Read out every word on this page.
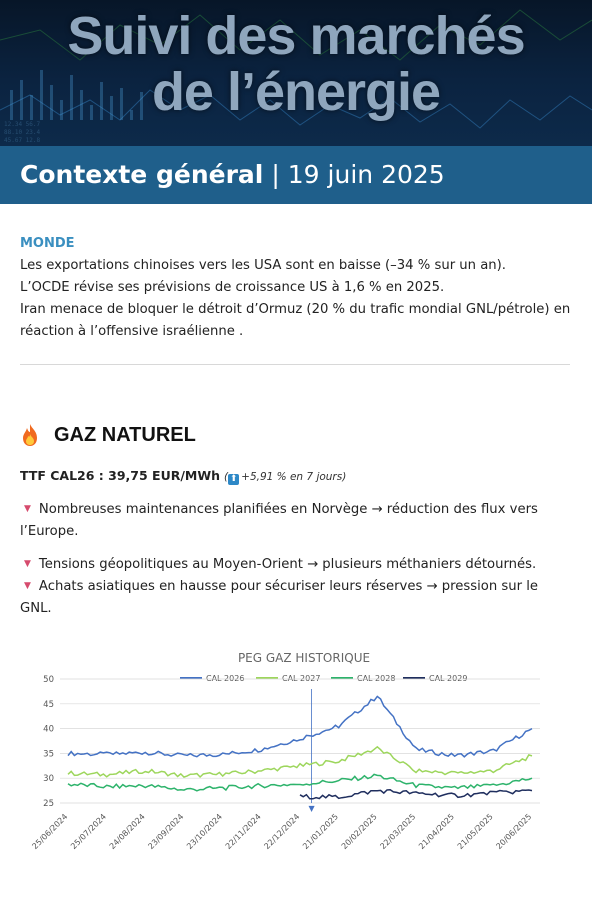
12.34 56.7
88.10 23.4
45.67 12.8
Suivi des marchés
de l’énergie
Contexte général | 19 juin 2025
MONDE
Les exportations chinoises vers les USA sont en baisse (–34 % sur un an).
L’OCDE révise ses prévisions de croissance US à 1,6 % en 2025.
Iran menace de bloquer le détroit d’Ormuz (20 % du trafic mondial GNL/pétrole) en
réaction à l’offensive israélienne .
GAZ NATUREL
TTF CAL26 : 39,75 EUR/MWh ( ⬆ +5,91 % en 7 jours)
▼ Nombreuses maintenances planifiées en Norvège → réduction des flux vers
l’Europe.
▼ Tensions géopolitiques au Moyen-Orient → plusieurs méthaniers détournés.
▼ Achats asiatiques en hausse pour sécuriser leurs réserves → pression sur le
GNL.
PEG GAZ HISTORIQUE
CAL 2026	CAL 2027	CAL 2028	CAL 2029
25
30
35
40
45
50
▼
25/06/2024 25/07/2024 24/08/2024 23/09/2024 23/10/2024 22/11/2024 22/12/2024 21/01/2025 20/02/2025 22/03/2025 21/04/2025 21/05/2025 20/06/2025
